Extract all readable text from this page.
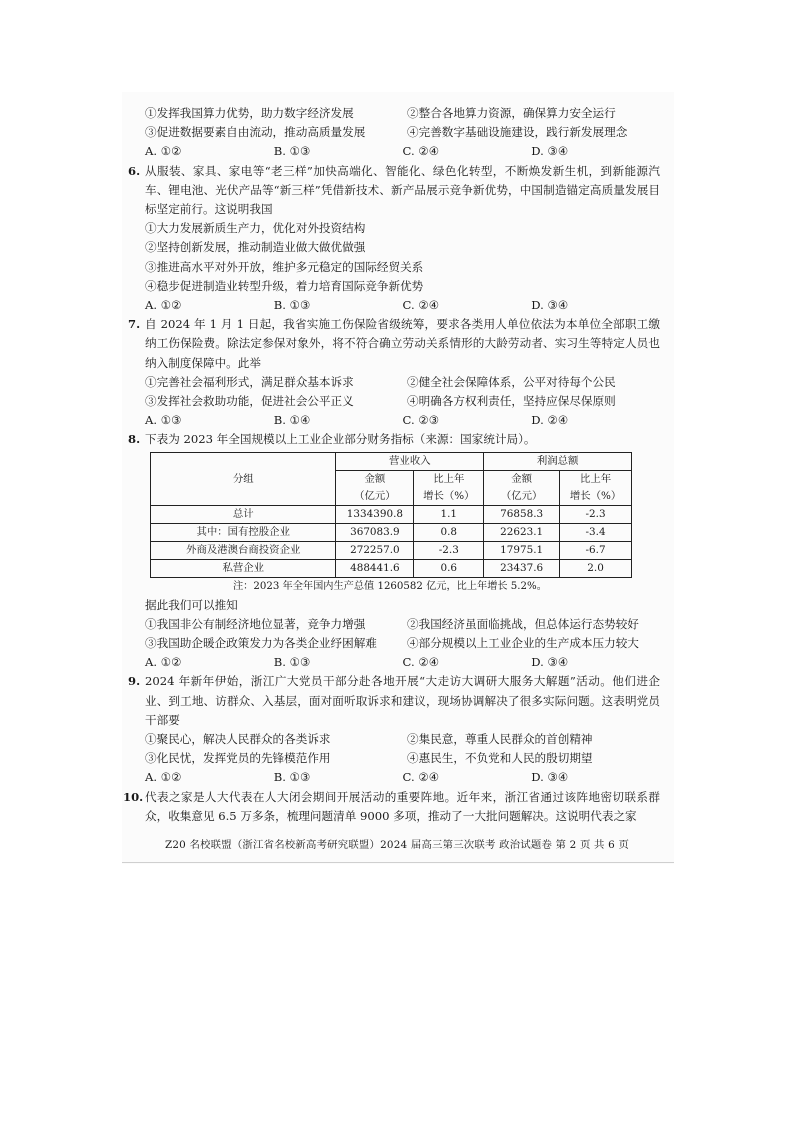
①发挥我国算力优势，助力数字经济发展	②整合各地算力资源，确保算力安全运行
③促进数据要素自由流动，推动高质量发展	④完善数字基础设施建设，践行新发展理念
A. ①②	B. ①③	C. ②④	D. ③④
6. 从服装、家具、家电等“老三样”加快高端化、智能化、绿色化转型，不断焕发新生机，到新能源汽车、锂电池、光伏产品等“新三样”凭借新技术、新产品展示竞争新优势，中国制造锚定高质量发展目标坚定前行。这说明我国
①大力发展新质生产力，优化对外投资结构
②坚持创新发展，推动制造业做大做优做强
③推进高水平对外开放，维护多元稳定的国际经贸关系
④稳步促进制造业转型升级，着力培育国际竞争新优势
A. ①②	B. ①③	C. ②④	D. ③④
7. 自 2024 年 1 月 1 日起，我省实施工伤保险省级统筹，要求各类用人单位依法为本单位全部职工缴纳工伤保险费。除法定参保对象外，将不符合确立劳动关系情形的大龄劳动者、实习生等特定人员也纳入制度保障中。此举
①完善社会福利形式，满足群众基本诉求	②健全社会保障体系，公平对待每个公民
③发挥社会救助功能，促进社会公平正义	④明确各方权利责任，坚持应保尽保原则
A. ①③	B. ①④	C. ②③	D. ②④
8. 下表为 2023 年全国规模以上工业企业部分财务指标（来源：国家统计局）。
分组	营业收入		利润总额	
	金额	比上年	金额	比上年
	（亿元）	增长（%）	（亿元）	增长（%）
总计	1334390.8	1.1	76858.3	-2.3
其中：国有控股企业	367083.9	0.8	22623.1	-3.4
外商及港澳台商投资企业	272257.0	-2.3	17975.1	-6.7
私营企业	488441.6	0.6	23437.6	2.0
注：2023 年全年国内生产总值 1260582 亿元，比上年增长 5.2%。
据此我们可以推知
①我国非公有制经济地位显著，竞争力增强	②我国经济虽面临挑战，但总体运行态势较好
③我国助企暖企政策发力为各类企业纾困解难	④部分规模以上工业企业的生产成本压力较大
A. ①②	B. ①③	C. ②④	D. ③④
9. 2024 年新年伊始，浙江广大党员干部分赴各地开展“大走访大调研大服务大解题”活动。他们进企业、到工地、访群众、入基层，面对面听取诉求和建议，现场协调解决了很多实际问题。这表明党员干部要
①聚民心，解决人民群众的各类诉求	②集民意，尊重人民群众的首创精神
③化民忧，发挥党员的先锋模范作用	④惠民生，不负党和人民的殷切期望
A. ①②	B. ①③	C. ②④	D. ③④
10. 代表之家是人大代表在人大闭会期间开展活动的重要阵地。近年来，浙江省通过该阵地密切联系群众，收集意见 6.5 万多条，梳理问题清单 9000 多项，推动了一大批问题解决。这说明代表之家
Z20 名校联盟（浙江省名校新高考研究联盟）2024 届高三第三次联考 政治试题卷 第 2 页 共 6 页
